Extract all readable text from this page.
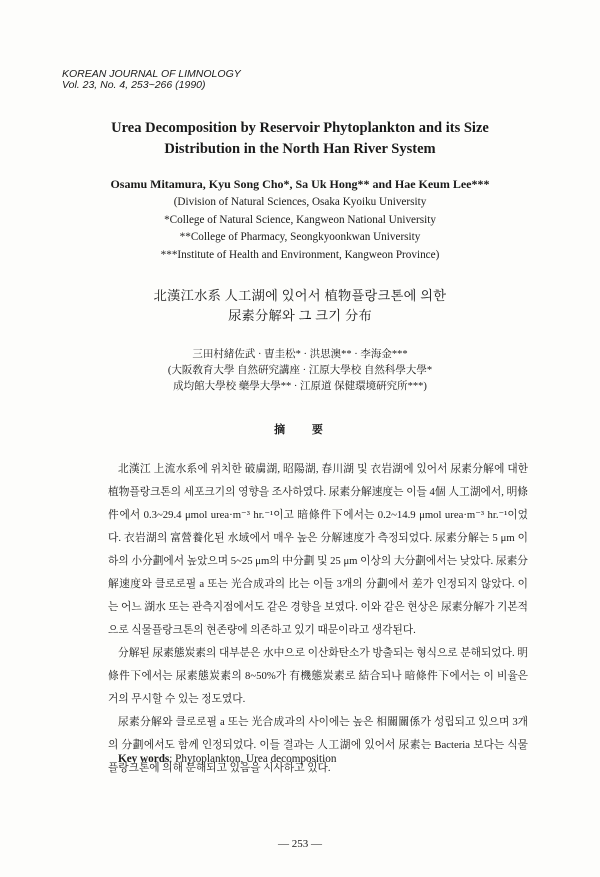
KOREAN JOURNAL OF LIMNOLOGY
Vol. 23, No. 4, 253~266 (1990)
Urea Decomposition by Reservoir Phytoplankton and its Size
Distribution in the North Han River System
Osamu Mitamura, Kyu Song Cho*, Sa Uk Hong** and Hae Keum Lee***
(Division of Natural Sciences, Osaka Kyoiku University
*College of Natural Science, Kangweon National University
**College of Pharmacy, Seongkyoonkwan University
***Institute of Health and Environment, Kangweon Province)
北漢江水系 人工湖에 있어서 植物플랑크톤에 의한
尿素分解와 그 크기 分布
三田村緒佐武 · 曺圭松* · 洪思澳** · 李海金***
(大阪敎育大學 自然硏究講座 · 江原大學校 自然科學大學*
成均館大學校 藥學大學** · 江原道 保健環境硏究所***)
摘 要

北漢江 上流水系에 위치한 破虜湖, 昭陽湖, 春川湖 및 衣岩湖에 있어서 尿素分解에 대한 植物플랑크톤의 세포크기의 영향을 조사하였다. 尿素分解速度는 이들 4個 人工湖에서, 明條件에서 0.3~29.4 μmol urea·m⁻³ hr.⁻¹이고 暗條件下에서는 0.2~14.9 μmol urea·m⁻³ hr.⁻¹이었다. 衣岩湖의 富營養化된 水域에서 매우 높은 分解速度가 측정되었다. 尿素分解는 5 μm 이하의 小分劃에서 높았으며 5~25 μm의 中分劃 및 25 μm 이상의 大分劃에서는 낮았다. 尿素分解速度와 클로로필 a 또는 光合成과의 比는 이들 3개의 分劃에서 差가 인정되지 않았다. 이는 어느 湖水 또는 관측지점에서도 같은 경향을 보였다. 이와 같은 현상은 尿素分解가 기본적으로 식물플랑크톤의 현존량에 의존하고 있기 때문이라고 생각된다.

分解된 尿素態炭素의 대부분은 水中으로 이산화탄소가 방출되는 형식으로 분해되었다. 明條件下에서는 尿素態炭素의 8~50%가 有機態炭素로 結合되나 暗條件下에서는 이 비율은 거의 무시할 수 있는 정도였다.

尿素分解와 클로로필 a 또는 光合成과의 사이에는 높은 相關關係가 성립되고 있으며 3개의 分劃에서도 함께 인정되었다. 이들 결과는 人工湖에 있어서 尿素는 Bacteria 보다는 식물플랑크톤에 의해 분해되고 있음을 시사하고 있다.

Key words: Phytoplankton, Urea decomposition
— 253 —
